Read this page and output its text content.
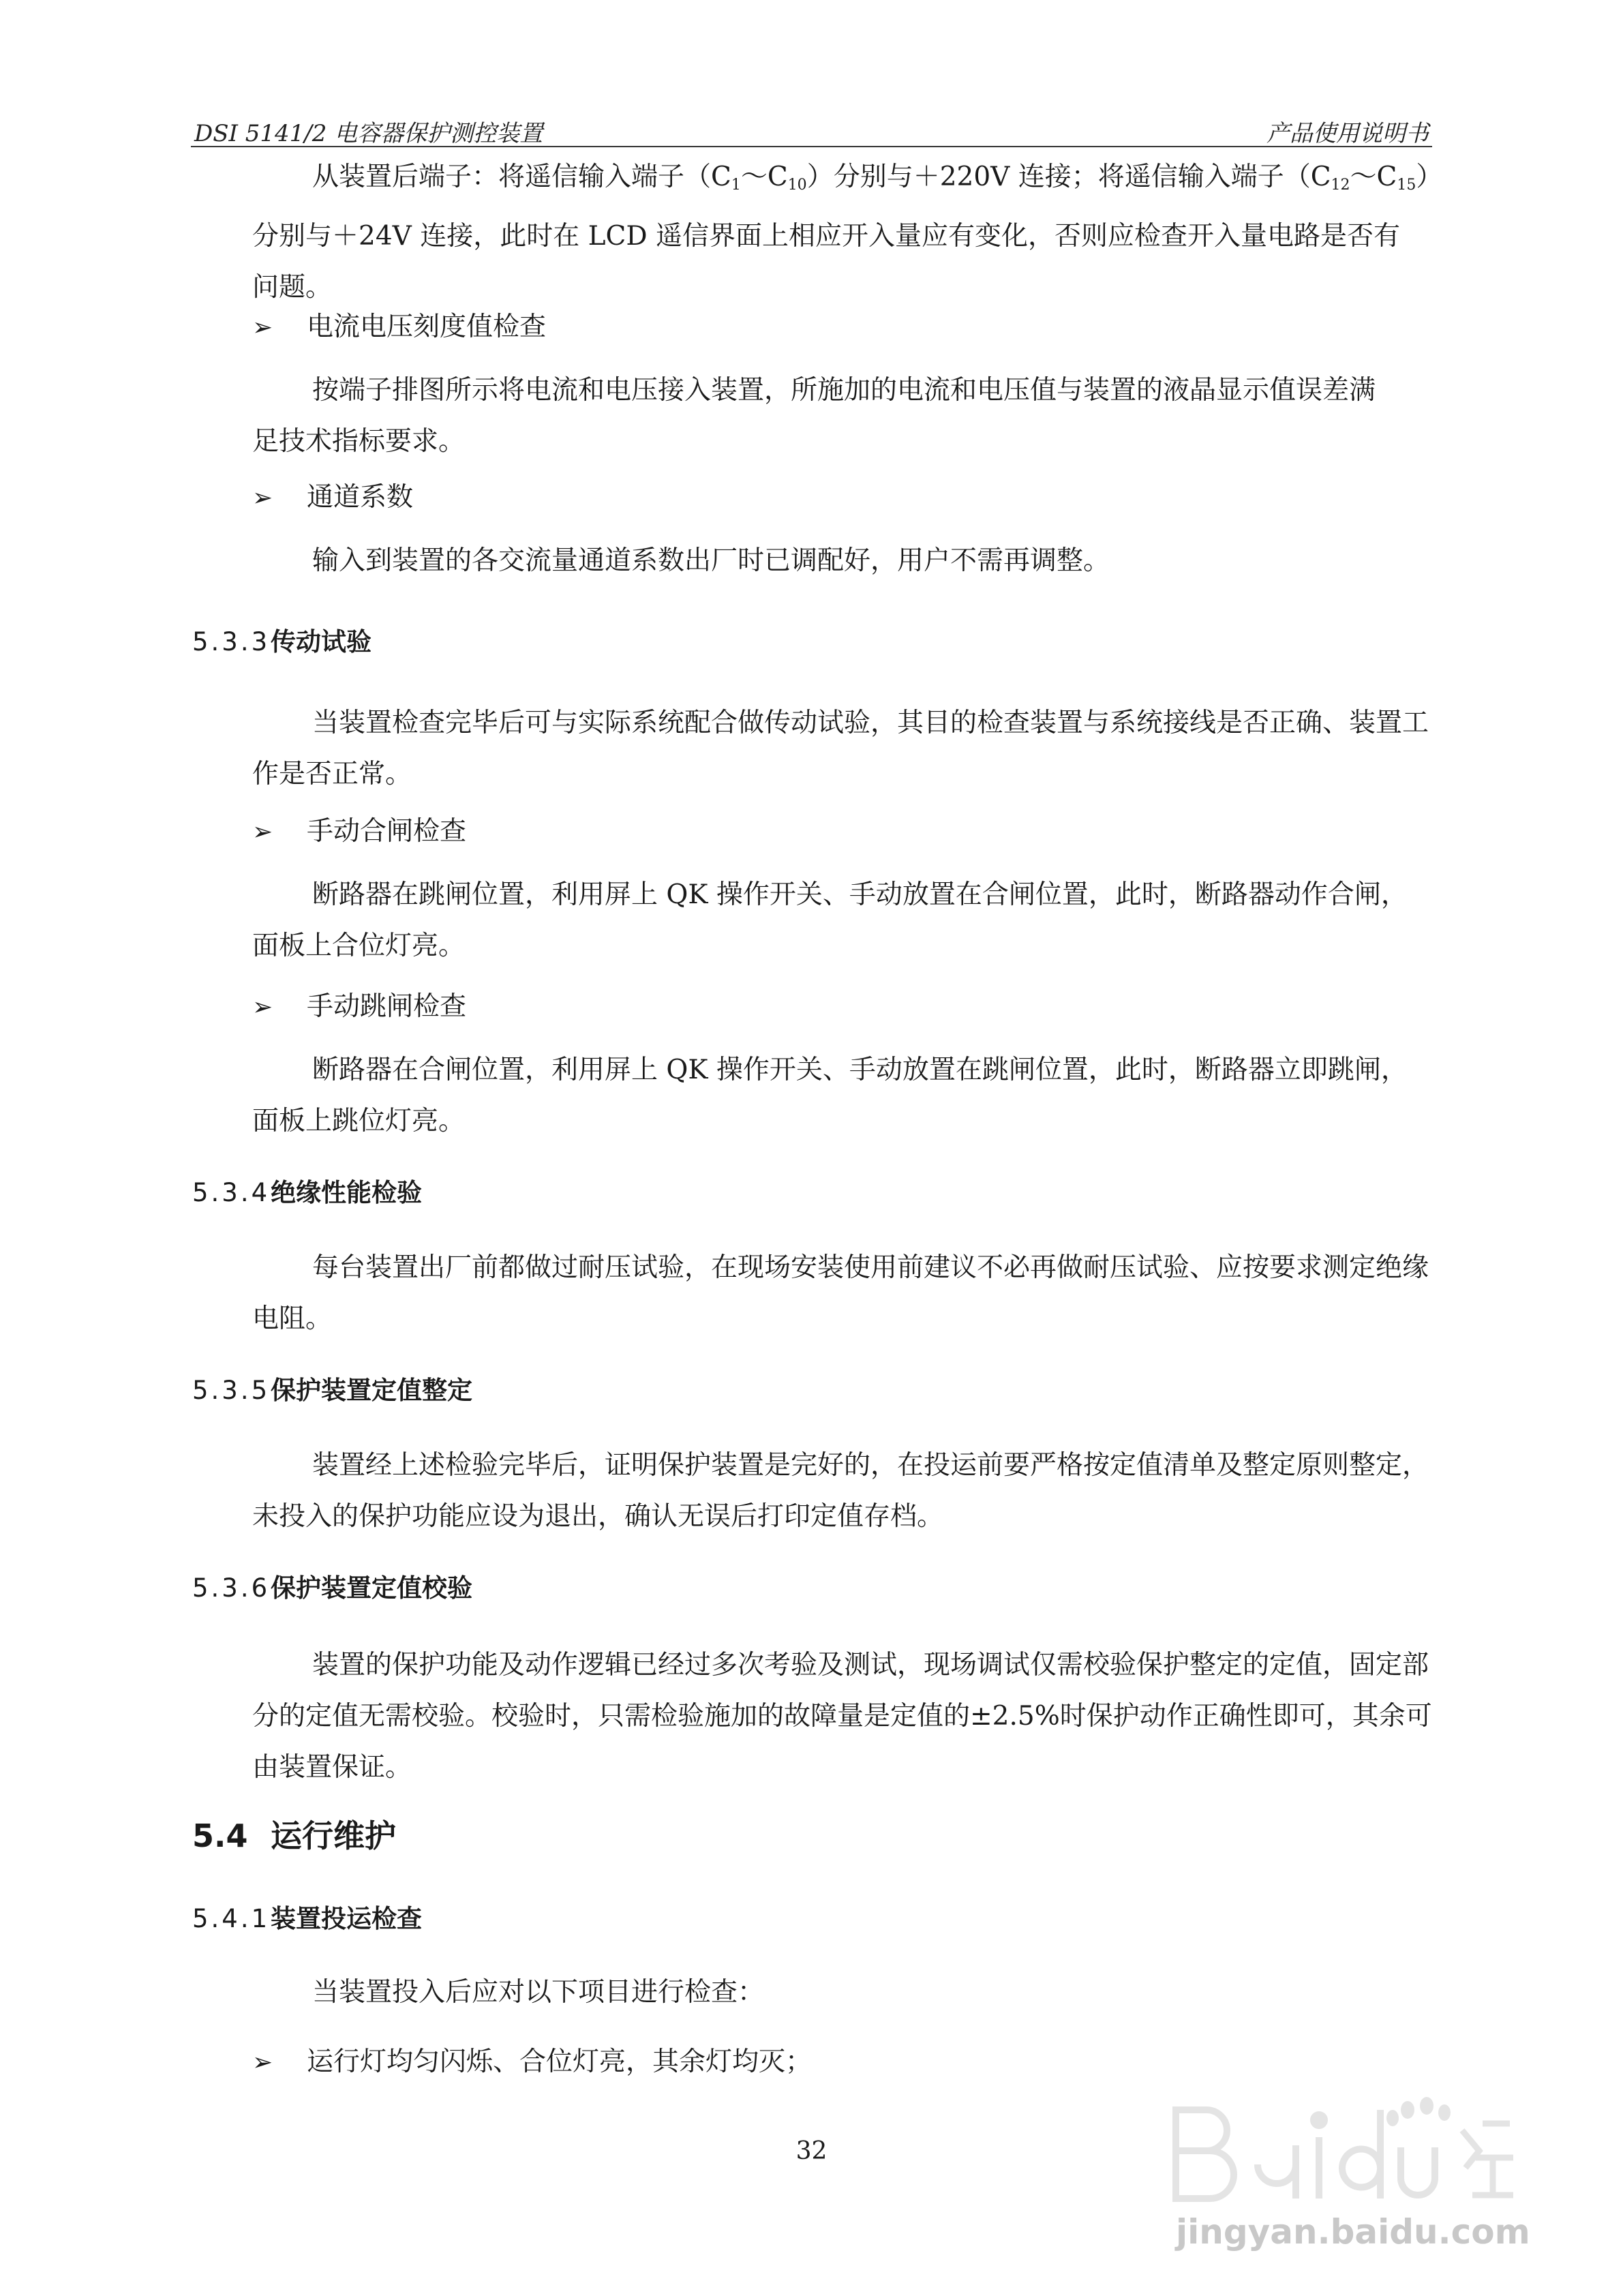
DSI 5141/2 电容器保护测控装置	产品使用说明书
从装置后端子：将遥信输入端子$(C_1\sim C_{10})$分别与＋220V 连接；将遥信输入端子$(C_{12}\sim C_{15})$
分别与＋24V 连接，此时在 LCD 遥信界面上相应开入量应有变化，否则应检查开入量电路是否有
问题。
➢ 电流电压刻度值检查
按端子排图所示将电流和电压接入装置，所施加的电流和电压值与装置的液晶显示值误差满
足技术指标要求。
➢ 通道系数
输入到装置的各交流量通道系数出厂时已调配好，用户不需再调整。
5.3.3传动试验
当装置检查完毕后可与实际系统配合做传动试验，其目的检查装置与系统接线是否正确、装置工
作是否正常。
➢ 手动合闸检查
断路器在跳闸位置，利用屏上 QK 操作开关、手动放置在合闸位置，此时，断路器动作合闸，
面板上合位灯亮。
➢ 手动跳闸检查
断路器在合闸位置，利用屏上 QK 操作开关、手动放置在跳闸位置，此时，断路器立即跳闸，
面板上跳位灯亮。
5.3.4绝缘性能检验
每台装置出厂前都做过耐压试验，在现场安装使用前建议不必再做耐压试验、应按要求测定绝缘
电阻。
5.3.5保护装置定值整定
装置经上述检验完毕后，证明保护装置是完好的，在投运前要严格按定值清单及整定原则整定，
未投入的保护功能应设为退出，确认无误后打印定值存档。
5.3.6保护装置定值校验
装置的保护功能及动作逻辑已经过多次考验及测试，现场调试仅需校验保护整定的定值，固定部
分的定值无需校验。校验时，只需检验施加的故障量是定值的±2.5%时保护动作正确性即可，其余可
由装置保证。
5.4 运行维护
5.4.1装置投运检查
当装置投入后应对以下项目进行检查：
➢ 运行灯均匀闪烁、合位灯亮，其余灯均灭；
32
jingyan.baidu.com
